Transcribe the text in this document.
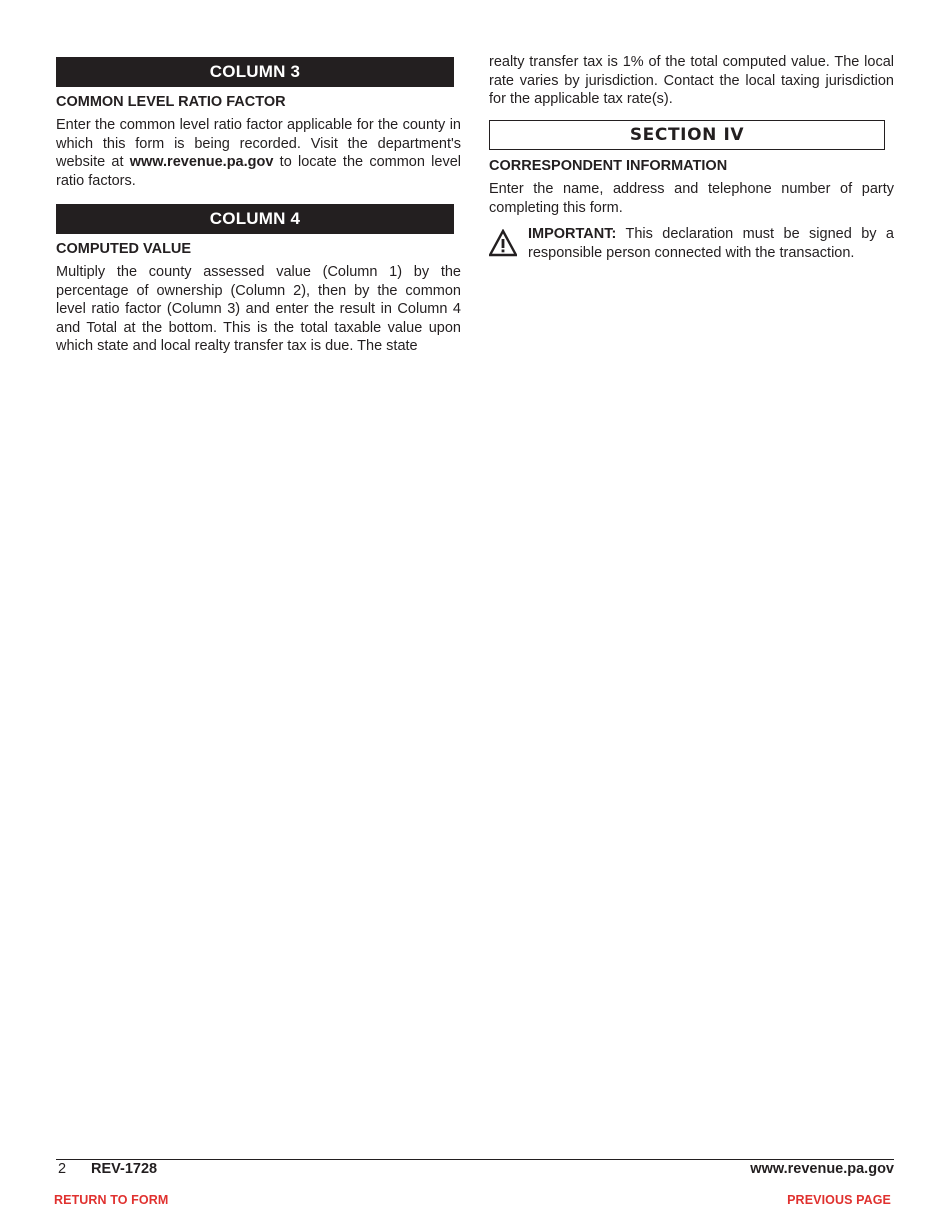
COLUMN 3
COMMON LEVEL RATIO FACTOR

Enter the common level ratio factor applicable for the county in which this form is being recorded. Visit the department's website at www.revenue.pa.gov to locate the common level ratio factors.

COLUMN 4
COMPUTED VALUE

Multiply the county assessed value (Column 1) by the percentage of ownership (Column 2), then by the common level ratio factor (Column 3) and enter the result in Column 4 and Total at the bottom. This is the total taxable value upon which state and local realty transfer tax is due. The state

realty transfer tax is 1% of the total computed value. The local rate varies by jurisdiction. Contact the local taxing jurisdiction for the applicable tax rate(s).

SECTION IV
CORRESPONDENT INFORMATION

Enter the name, address and telephone number of party completing this form.

IMPORTANT: This declaration must be signed by a responsible person connected with the transaction.

2 REV-1728	www.revenue.pa.gov
RETURN TO FORM	PREVIOUS PAGE
